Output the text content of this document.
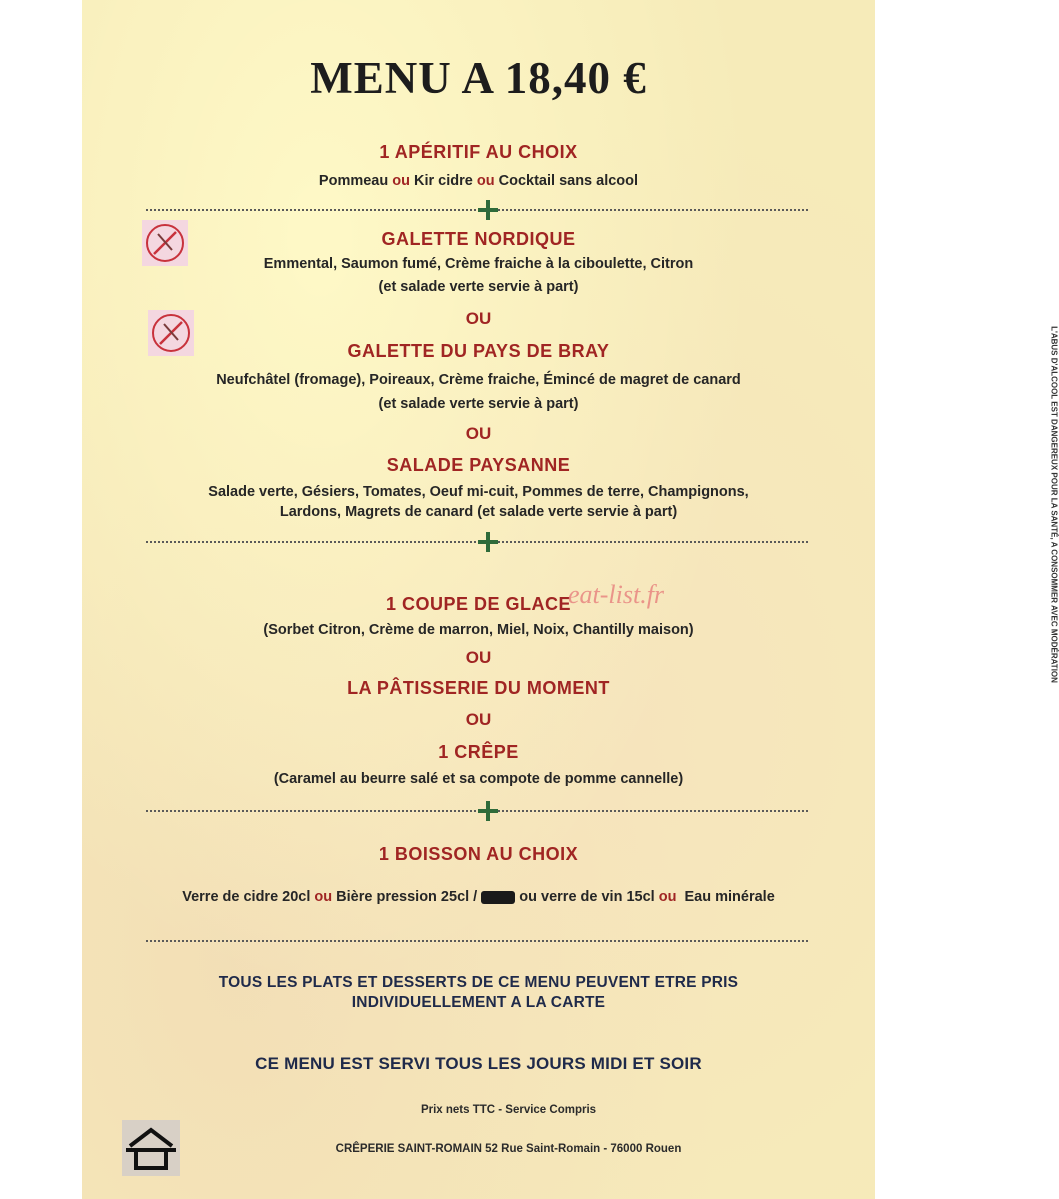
MENU A 18,40 €
1 APÉRITIF AU CHOIX
Pommeau ou Kir cidre ou Cocktail sans alcool
GALETTE NORDIQUE
Emmental, Saumon fumé, Crème fraiche à la ciboulette, Citron
(et salade verte servie à part)
OU
GALETTE DU PAYS DE BRAY
Neufchâtel (fromage), Poireaux, Crème fraiche, Émincé de magret de canard
(et salade verte servie à part)
OU
SALADE PAYSANNE
Salade verte, Gésiers, Tomates, Oeuf mi-cuit, Pommes de terre, Champignons,
Lardons, Magrets de canard (et salade verte servie à part)
1 COUPE DE GLACE
eat-list.fr
(Sorbet Citron, Crème de marron, Miel, Noix, Chantilly maison)
OU
LA PÂTISSERIE DU MOMENT
OU
1 CRÊPE
(Caramel au beurre salé et sa compote de pomme cannelle)
1 BOISSON AU CHOIX
Verre de cidre 20cl ou Bière pression 25cl /	ou verre de vin 15cl ou Eau minérale
TOUS LES PLATS ET DESSERTS DE CE MENU PEUVENT ETRE PRIS
INDIVIDUELLEMENT A LA CARTE
CE MENU EST SERVI TOUS LES JOURS MIDI ET SOIR
Prix nets TTC - Service Compris
CRÊPERIE SAINT-ROMAIN 52 Rue Saint-Romain - 76000 Rouen
L'ABUS D'ALCOOL EST DANGEREUX POUR LA SANTÉ, A CONSOMMER AVEC MODÉRATION
